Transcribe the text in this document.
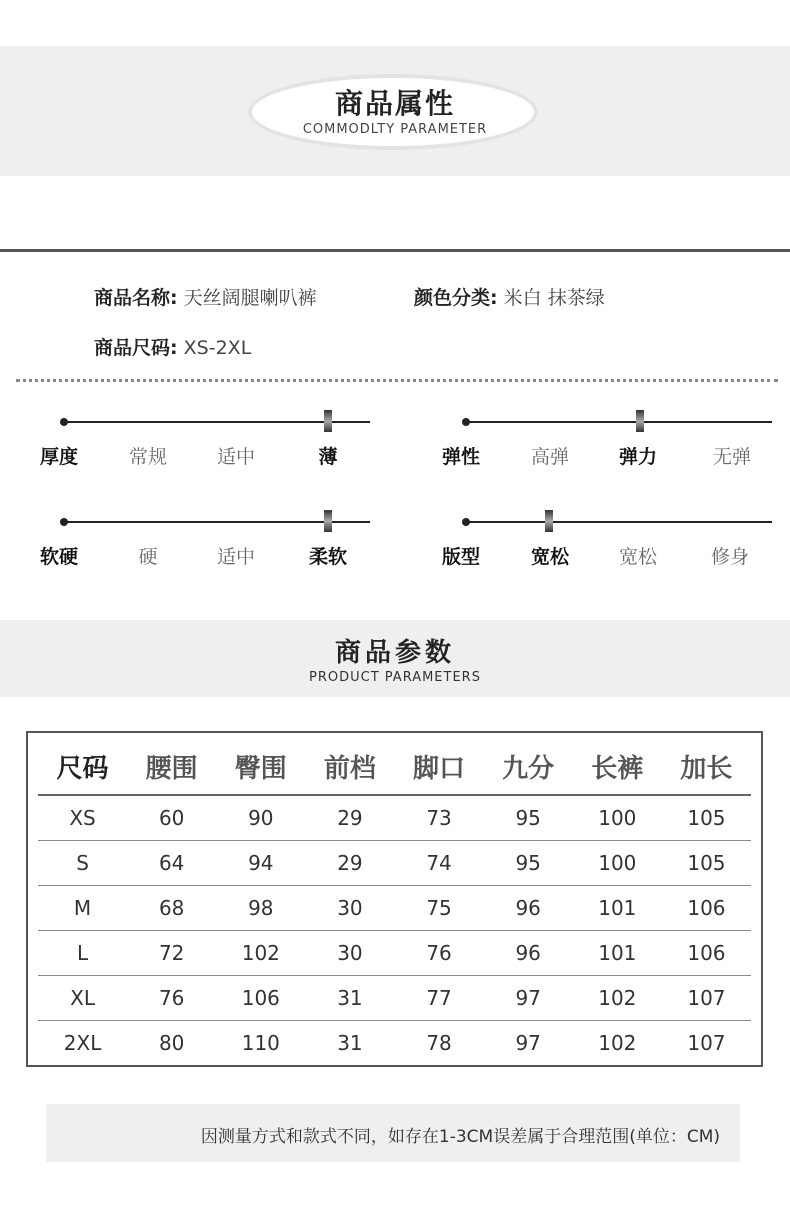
商品属性
COMMODLTY PARAMETER
商品名称: 天丝阔腿喇叭裤	颜色分类: 米白 抹茶绿
商品尺码: XS-2XL
厚度	常规	适中	薄	弹性	高弹	弹力	无弹
软硬	硬	适中	柔软	版型	宽松	宽松	修身
商品参数
PRODUCT PARAMETERS
尺码	腰围	臀围	前档	脚口	九分	长裤	加长
XS	60	90	29	73	95	100	105
S	64	94	29	74	95	100	105
M	68	98	30	75	96	101	106
L	72	102	30	76	96	101	106
XL	76	106	31	77	97	102	107
2XL	80	110	31	78	97	102	107
因测量方式和款式不同，如存在1-3CM误差属于合理范围(单位：CM)
